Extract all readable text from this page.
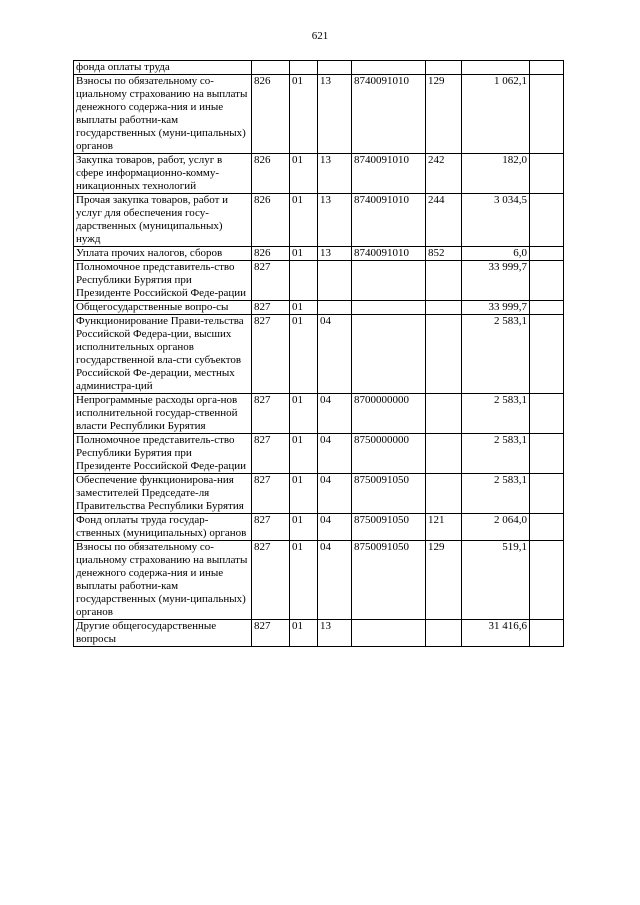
621
фонда оплаты труда							
Взносы по обязательному со-циальному страхованию на выплаты денежного содержа-ния и иные выплаты работни-кам государственных (муни-ципальных) органов	826	01	13	8740091010	129	1 062,1	
Закупка товаров, работ, услуг в сфере информационно-комму-никационных технологий	826	01	13	8740091010	242	182,0	
Прочая закупка товаров, работ и услуг для обеспечения госу-дарственных (муниципальных) нужд	826	01	13	8740091010	244	3 034,5	
Уплата прочих налогов, сборов	826	01	13	8740091010	852	6,0	
Полномочное представитель-ство Республики Бурятия при Президенте Российской Феде-рации	827					33 999,7	
Общегосударственные вопро-сы	827	01				33 999,7	
Функционирование Прави-тельства Российской Федера-ции, высших исполнительных органов государственной вла-сти субъектов Российской Фе-дерации, местных администра-ций	827	01	04			2 583,1	
Непрограммные расходы орга-нов исполнительной государ-ственной власти Республики Бурятия	827	01	04	8700000000		2 583,1	
Полномочное представитель-ство Республики Бурятия при Президенте Российской Феде-рации	827	01	04	8750000000		2 583,1	
Обеспечение функционирова-ния заместителей Председате-ля Правительства Республики Бурятия	827	01	04	8750091050		2 583,1	
Фонд оплаты труда государ-ственных (муниципальных) органов	827	01	04	8750091050	121	2 064,0	
Взносы по обязательному со-циальному страхованию на выплаты денежного содержа-ния и иные выплаты работни-кам государственных (муни-ципальных) органов	827	01	04	8750091050	129	519,1	
Другие общегосударственные вопросы	827	01	13			31 416,6	
